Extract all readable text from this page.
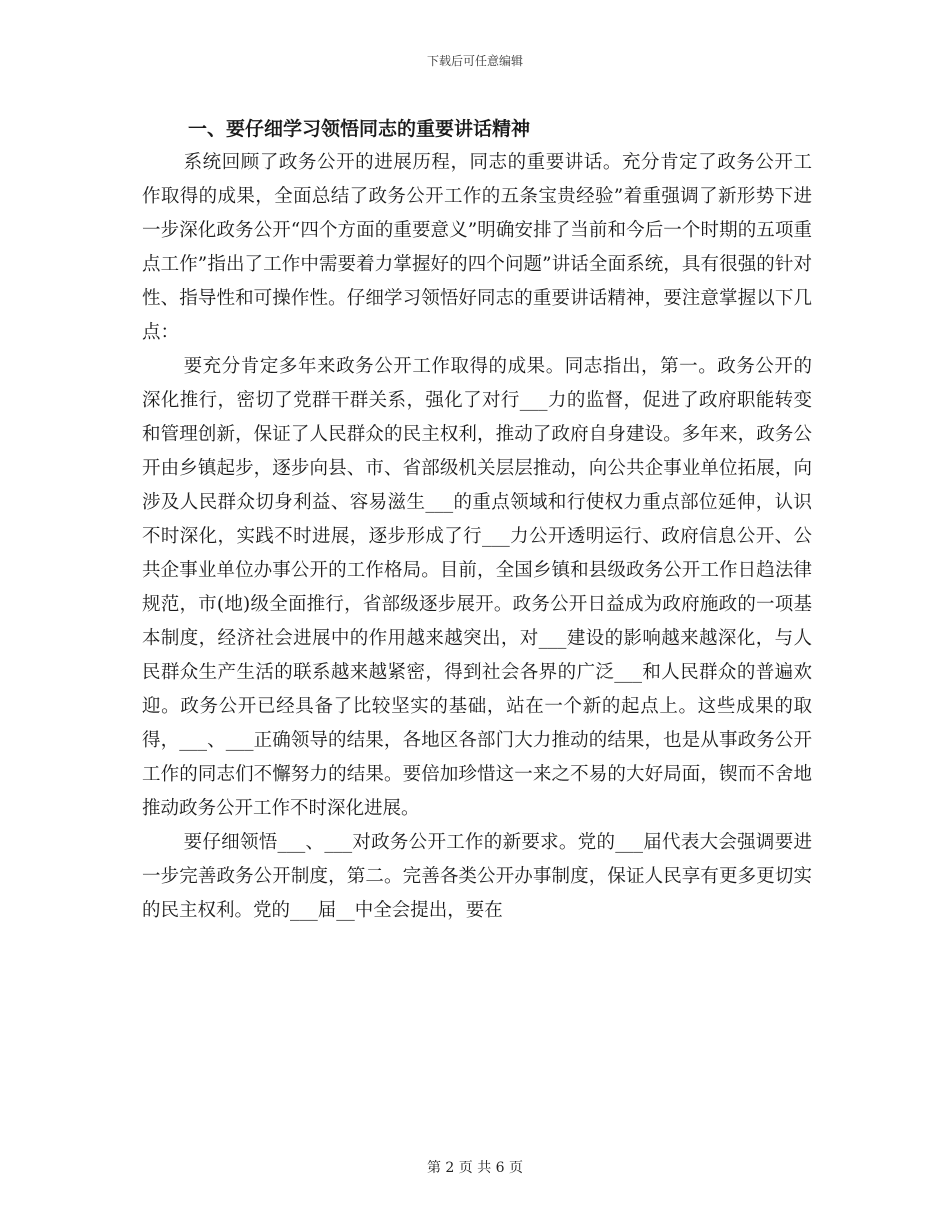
下载后可任意编辑
一、要仔细学习领悟同志的重要讲话精神

系统回顾了政务公开的进展历程，同志的重要讲话。充分肯定了政务公开工作取得的成果，全面总结了政务公开工作的五条宝贵经验”着重强调了新形势下进一步深化政务公开“四个方面的重要意义”明确安排了当前和今后一个时期的五项重点工作”指出了工作中需要着力掌握好的四个问题”讲话全面系统，具有很强的针对性、指导性和可操作性。仔细学习领悟好同志的重要讲话精神，要注意掌握以下几点：

要充分肯定多年来政务公开工作取得的成果。同志指出，第一。政务公开的深化推行，密切了党群干群关系，强化了对行___力的监督，促进了政府职能转变和管理创新，保证了人民群众的民主权利，推动了政府自身建设。多年来，政务公开由乡镇起步，逐步向县、市、省部级机关层层推动，向公共企事业单位拓展，向涉及人民群众切身利益、容易滋生___的重点领域和行使权力重点部位延伸，认识不时深化，实践不时进展，逐步形成了行___力公开透明运行、政府信息公开、公共企事业单位办事公开的工作格局。目前，全国乡镇和县级政务公开工作日趋法律规范，市(地)级全面推行，省部级逐步展开。政务公开日益成为政府施政的一项基本制度，经济社会进展中的作用越来越突出，对___建设的影响越来越深化，与人民群众生产生活的联系越来越紧密，得到社会各界的广泛___和人民群众的普遍欢迎。政务公开已经具备了比较坚实的基础，站在一个新的起点上。这些成果的取得，___、___正确领导的结果，各地区各部门大力推动的结果，也是从事政务公开工作的同志们不懈努力的结果。要倍加珍惜这一来之不易的大好局面，锲而不舍地推动政务公开工作不时深化进展。

要仔细领悟___、___对政务公开工作的新要求。党的___届代表大会强调要进一步完善政务公开制度，第二。完善各类公开办事制度，保证人民享有更多更切实的民主权利。党的___届__中全会提出，要在

第 2 页 共 6 页
